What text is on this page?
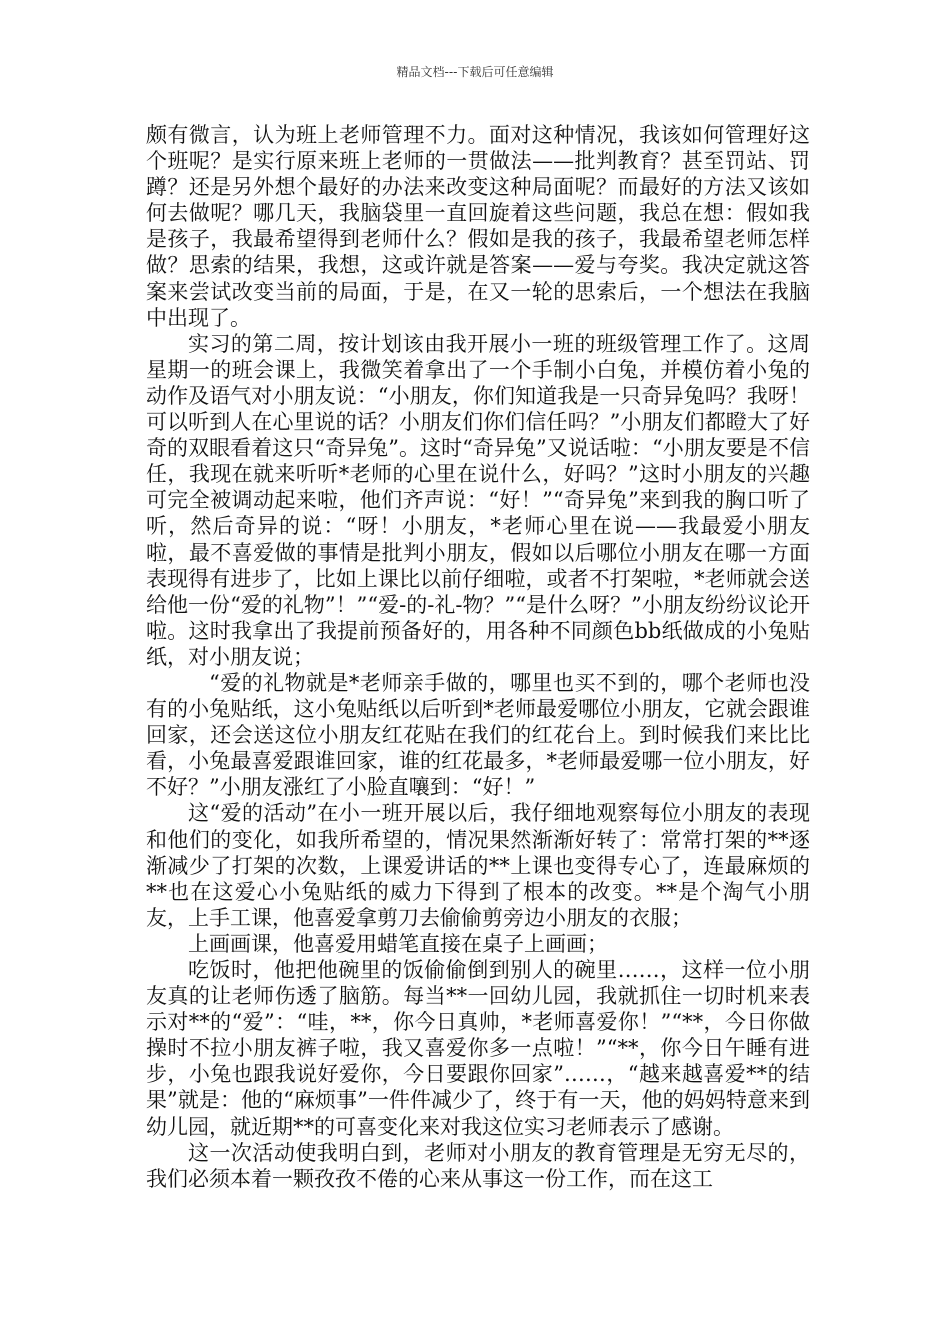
精品文档---下载后可任意编辑

颇有微言，认为班上老师管理不力。面对这种情况，我该如何管理好这个班呢？是实行原来班上老师的一贯做法——批判教育？甚至罚站、罚蹲？还是另外想个最好的办法来改变这种局面呢？而最好的方法又该如何去做呢？哪几天，我脑袋里一直回旋着这些问题，我总在想：假如我是孩子，我最希望得到老师什么？假如是我的孩子，我最希望老师怎样做？思索的结果，我想，这或许就是答案——爱与夸奖。我决定就这答案来尝试改变当前的局面，于是，在又一轮的思索后，一个想法在我脑中出现了。

实习的第二周，按计划该由我开展小一班的班级管理工作了。这周星期一的班会课上，我微笑着拿出了一个手制小白兔，并模仿着小兔的动作及语气对小朋友说：“小朋友，你们知道我是一只奇异兔吗？我呀！可以听到人在心里说的话？小朋友们你们信任吗？”小朋友们都瞪大了好奇的双眼看着这只“奇异兔”。这时“奇异兔”又说话啦：“小朋友要是不信任，我现在就来听听*老师的心里在说什么，好吗？”这时小朋友的兴趣可完全被调动起来啦，他们齐声说：“好！”“奇异兔”来到我的胸口听了听，然后奇异的说：“呀！小朋友，*老师心里在说——我最爱小朋友啦，最不喜爱做的事情是批判小朋友，假如以后哪位小朋友在哪一方面表现得有进步了，比如上课比以前仔细啦，或者不打架啦，*老师就会送给他一份“爱的礼物”！”“爱-的-礼-物？”“是什么呀？”小朋友纷纷议论开啦。这时我拿出了我提前预备好的，用各种不同颜色bb纸做成的小兔贴纸，对小朋友说；

“爱的礼物就是*老师亲手做的，哪里也买不到的，哪个老师也没有的小兔贴纸，这小兔贴纸以后听到*老师最爱哪位小朋友，它就会跟谁回家，还会送这位小朋友红花贴在我们的红花台上。到时候我们来比比看，小兔最喜爱跟谁回家，谁的红花最多，*老师最爱哪一位小朋友，好不好？”小朋友涨红了小脸直嚷到：“好！”

这“爱的活动”在小一班开展以后，我仔细地观察每位小朋友的表现和他们的变化，如我所希望的，情况果然渐渐好转了：常常打架的**逐渐减少了打架的次数，上课爱讲话的**上课也变得专心了，连最麻烦的**也在这爱心小兔贴纸的威力下得到了根本的改变。**是个淘气小朋友，上手工课，他喜爱拿剪刀去偷偷剪旁边小朋友的衣服；

上画画课，他喜爱用蜡笔直接在桌子上画画；

吃饭时，他把他碗里的饭偷偷倒到别人的碗里……，这样一位小朋友真的让老师伤透了脑筋。每当**一回幼儿园，我就抓住一切时机来表示对**的“爱”：“哇，**，你今日真帅，*老师喜爱你！”“**，今日你做操时不拉小朋友裤子啦，我又喜爱你多一点啦！”“**，你今日午睡有进步，小兔也跟我说好爱你，今日要跟你回家”……，“越来越喜爱**的结果”就是：他的“麻烦事”一件件减少了，终于有一天，他的妈妈特意来到幼儿园，就近期**的可喜变化来对我这位实习老师表示了感谢。

这一次活动使我明白到，老师对小朋友的教育管理是无穷无尽的，我们必须本着一颗孜孜不倦的心来从事这一份工作，而在这工
